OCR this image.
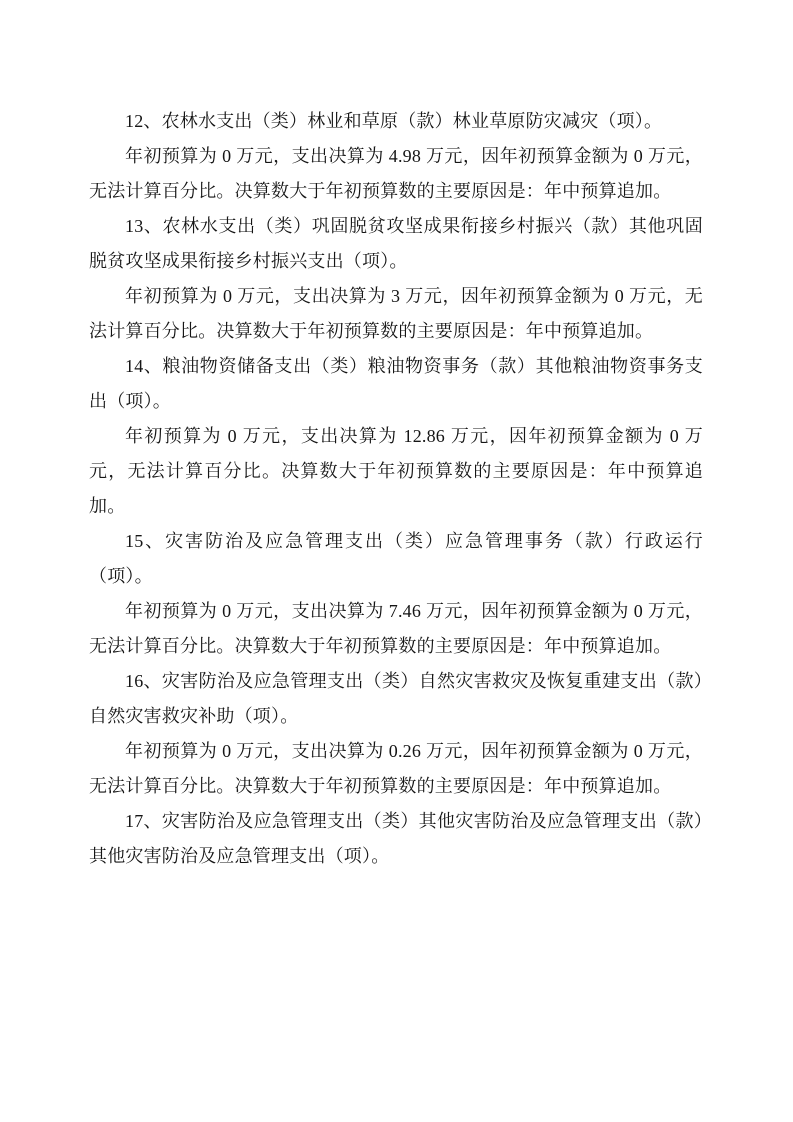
12、农林水支出（类）林业和草原（款）林业草原防灾减灾（项）。

年初预算为 0 万元，支出决算为 4.98 万元，因年初预算金额为 0 万元，无法计算百分比。决算数大于年初预算数的主要原因是：年中预算追加。

13、农林水支出（类）巩固脱贫攻坚成果衔接乡村振兴（款）其他巩固脱贫攻坚成果衔接乡村振兴支出（项）。

年初预算为 0 万元，支出决算为 3 万元，因年初预算金额为 0 万元，无法计算百分比。决算数大于年初预算数的主要原因是：年中预算追加。

14、粮油物资储备支出（类）粮油物资事务（款）其他粮油物资事务支出（项）。

年初预算为 0 万元，支出决算为 12.86 万元，因年初预算金额为 0 万元，无法计算百分比。决算数大于年初预算数的主要原因是：年中预算追加。

15、灾害防治及应急管理支出（类）应急管理事务（款）行政运行（项）。

年初预算为 0 万元，支出决算为 7.46 万元，因年初预算金额为 0 万元，无法计算百分比。决算数大于年初预算数的主要原因是：年中预算追加。

16、灾害防治及应急管理支出（类）自然灾害救灾及恢复重建支出（款）自然灾害救灾补助（项）。

年初预算为 0 万元，支出决算为 0.26 万元，因年初预算金额为 0 万元，无法计算百分比。决算数大于年初预算数的主要原因是：年中预算追加。

17、灾害防治及应急管理支出（类）其他灾害防治及应急管理支出（款）其他灾害防治及应急管理支出（项）。
